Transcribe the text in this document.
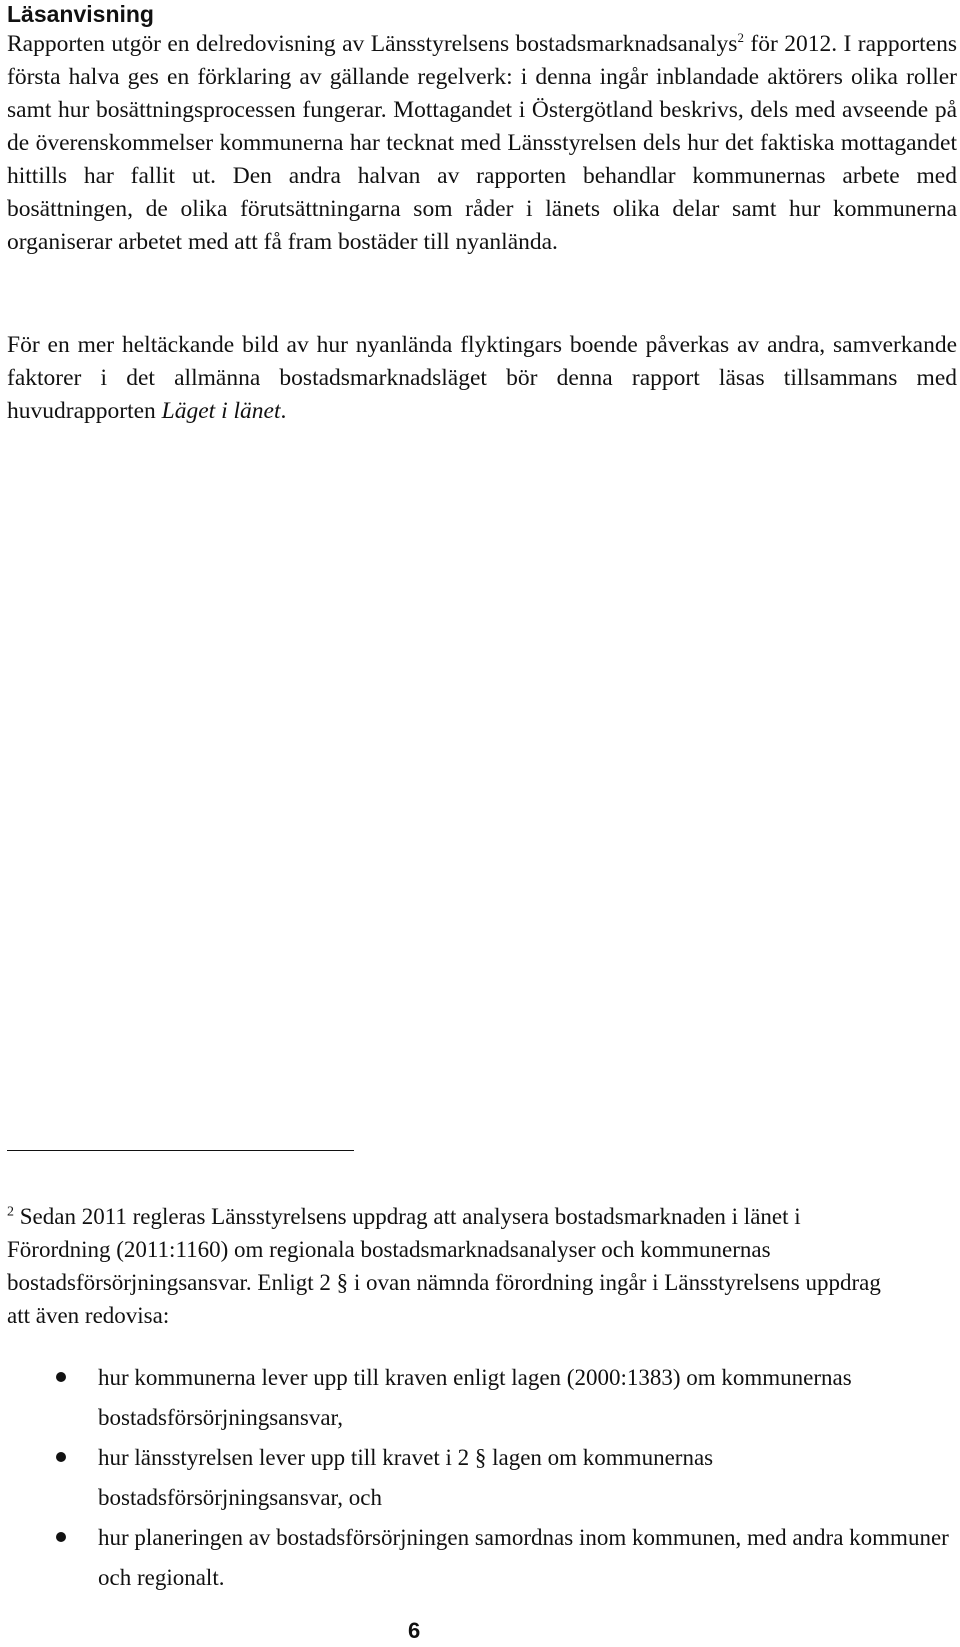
Läsanvisning

Rapporten utgör en delredovisning av Länsstyrelsens bostadsmarknadsanalys$^2$ för 2012. I rapportens första halva ges en förklaring av gällande regelverk: i denna ingår inblandade aktörers olika roller samt hur bosättningsprocessen fungerar. Mottagandet i Östergötland beskrivs, dels med avseende på de överenskommelser kommunerna har tecknat med Länsstyrelsen dels hur det faktiska mottagandet hittills har fallit ut. Den andra halvan av rapporten behandlar kommunernas arbete med bosättningen, de olika förutsättningarna som råder i länets olika delar samt hur kommunerna organiserar arbetet med att få fram bostäder till nyanlända.

För en mer heltäckande bild av hur nyanlända flyktingars boende påverkas av andra, samverkande faktorer i det allmänna bostadsmarknadsläget bör denna rapport läsas tillsammans med huvudrapporten Läget i länet.

$^2$ Sedan 2011 regleras Länsstyrelsens uppdrag att analysera bostadsmarknaden i länet i Förordning (2011:1160) om regionala bostadsmarknadsanalyser och kommunernas bostadsförsörjningsansvar. Enligt 2 § i ovan nämnda förordning ingår i Länsstyrelsens uppdrag att även redovisa:

hur kommunerna lever upp till kraven enligt lagen (2000:1383) om kommunernas bostadsförsörjningsansvar,
hur länsstyrelsen lever upp till kravet i 2 § lagen om kommunernas bostadsförsörjningsansvar, och
hur planeringen av bostadsförsörjningen samordnas inom kommunen, med andra kommuner och regionalt.
6
